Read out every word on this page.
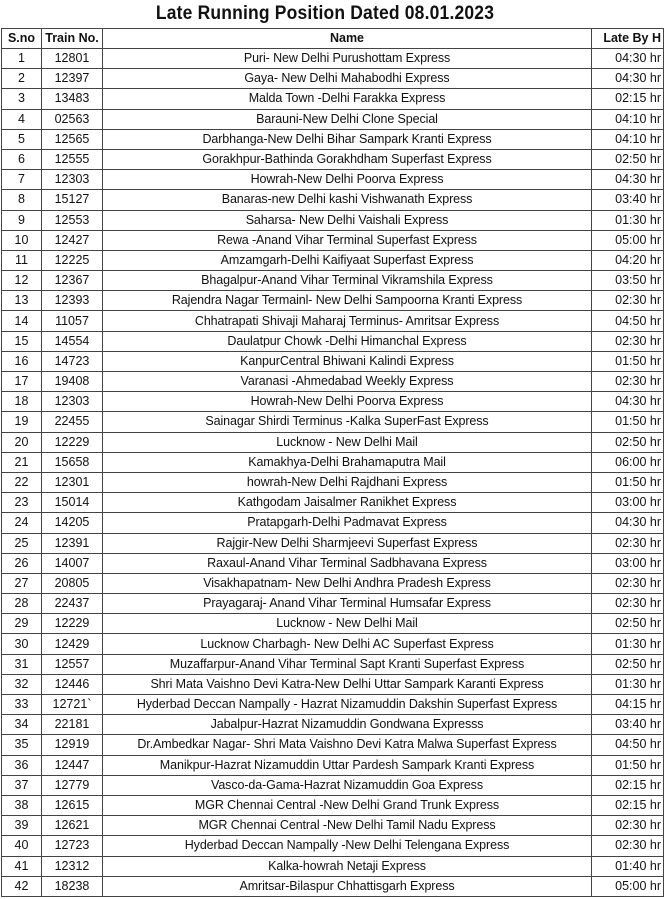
Late Running Position Dated 08.01.2023
S.no	Train No.	Name	Late By H
1	12801	Puri- New Delhi Purushottam Express	04:30 hr
2	12397	Gaya- New Delhi Mahabodhi Express	04:30 hr
3	13483	Malda Town -Delhi Farakka Express	02:15 hr
4	02563	Barauni-New Delhi Clone Special	04:10 hr
5	12565	Darbhanga-New Delhi Bihar Sampark Kranti Express	04:10 hr
6	12555	Gorakhpur-Bathinda Gorakhdham Superfast Express	02:50 hr
7	12303	Howrah-New Delhi Poorva Express	04:30 hr
8	15127	Banaras-new Delhi kashi Vishwanath Express	03:40 hr
9	12553	Saharsa- New Delhi Vaishali Express	01:30 hr
10	12427	Rewa -Anand Vihar Terminal Superfast Express	05:00 hr
11	12225	Amzamgarh-Delhi Kaifiyaat Superfast Express	04:20 hr
12	12367	Bhagalpur-Anand Vihar Terminal Vikramshila Express	03:50 hr
13	12393	Rajendra Nagar Termainl- New Delhi Sampoorna Kranti Express	02:30 hr
14	11057	Chhatrapati Shivaji Maharaj Terminus- Amritsar Express	04:50 hr
15	14554	Daulatpur Chowk -Delhi Himanchal Express	02:30 hr
16	14723	KanpurCentral Bhiwani Kalindi Express	01:50 hr
17	19408	Varanasi -Ahmedabad Weekly Express	02:30 hr
18	12303	Howrah-New Delhi Poorva Express	04:30 hr
19	22455	Sainagar Shirdi Terminus -Kalka SuperFast Express	01:50 hr
20	12229	Lucknow - New Delhi Mail	02:50 hr
21	15658	Kamakhya-Delhi Brahamaputra Mail	06:00 hr
22	12301	howrah-New Delhi Rajdhani Express	01:50 hr
23	15014	Kathgodam Jaisalmer Ranikhet Express	03:00 hr
24	14205	Pratapgarh-Delhi Padmavat Express	04:30 hr
25	12391	Rajgir-New Delhi Sharmjeevi Superfast Express	02:30 hr
26	14007	Raxaul-Anand Vihar Terminal Sadbhavana Express	03:00 hr
27	20805	Visakhapatnam- New Delhi Andhra Pradesh Express	02:30 hr
28	22437	Prayagaraj- Anand Vihar Terminal Humsafar Express	02:30 hr
29	12229	Lucknow - New Delhi Mail	02:50 hr
30	12429	Lucknow Charbagh- New Delhi AC Superfast Express	01:30 hr
31	12557	Muzaffarpur-Anand Vihar Terminal Sapt Kranti Superfast Express	02:50 hr
32	12446	Shri Mata Vaishno Devi Katra-New Delhi Uttar Sampark Karanti Express	01:30 hr
33	12721`	Hyderbad Deccan Nampally - Hazrat Nizamuddin Dakshin Superfast Express	04:15 hr
34	22181	Jabalpur-Hazrat Nizamuddin Gondwana Expresss	03:40 hr
35	12919	Dr.Ambedkar Nagar- Shri Mata Vaishno Devi Katra Malwa Superfast Express	04:50 hr
36	12447	Manikpur-Hazrat Nizamuddin Uttar Pardesh Sampark Kranti Express	01:50 hr
37	12779	Vasco-da-Gama-Hazrat Nizamuddin Goa Express	02:15 hr
38	12615	MGR Chennai Central -New Delhi Grand Trunk Express	02:15 hr
39	12621	MGR Chennai Central -New Delhi Tamil Nadu Express	02:30 hr
40	12723	Hyderbad Deccan Nampally -New Delhi Telengana Express	02:30 hr
41	12312	Kalka-howrah Netaji Express	01:40 hr
42	18238	Amritsar-Bilaspur Chhattisgarh Express	05:00 hr
